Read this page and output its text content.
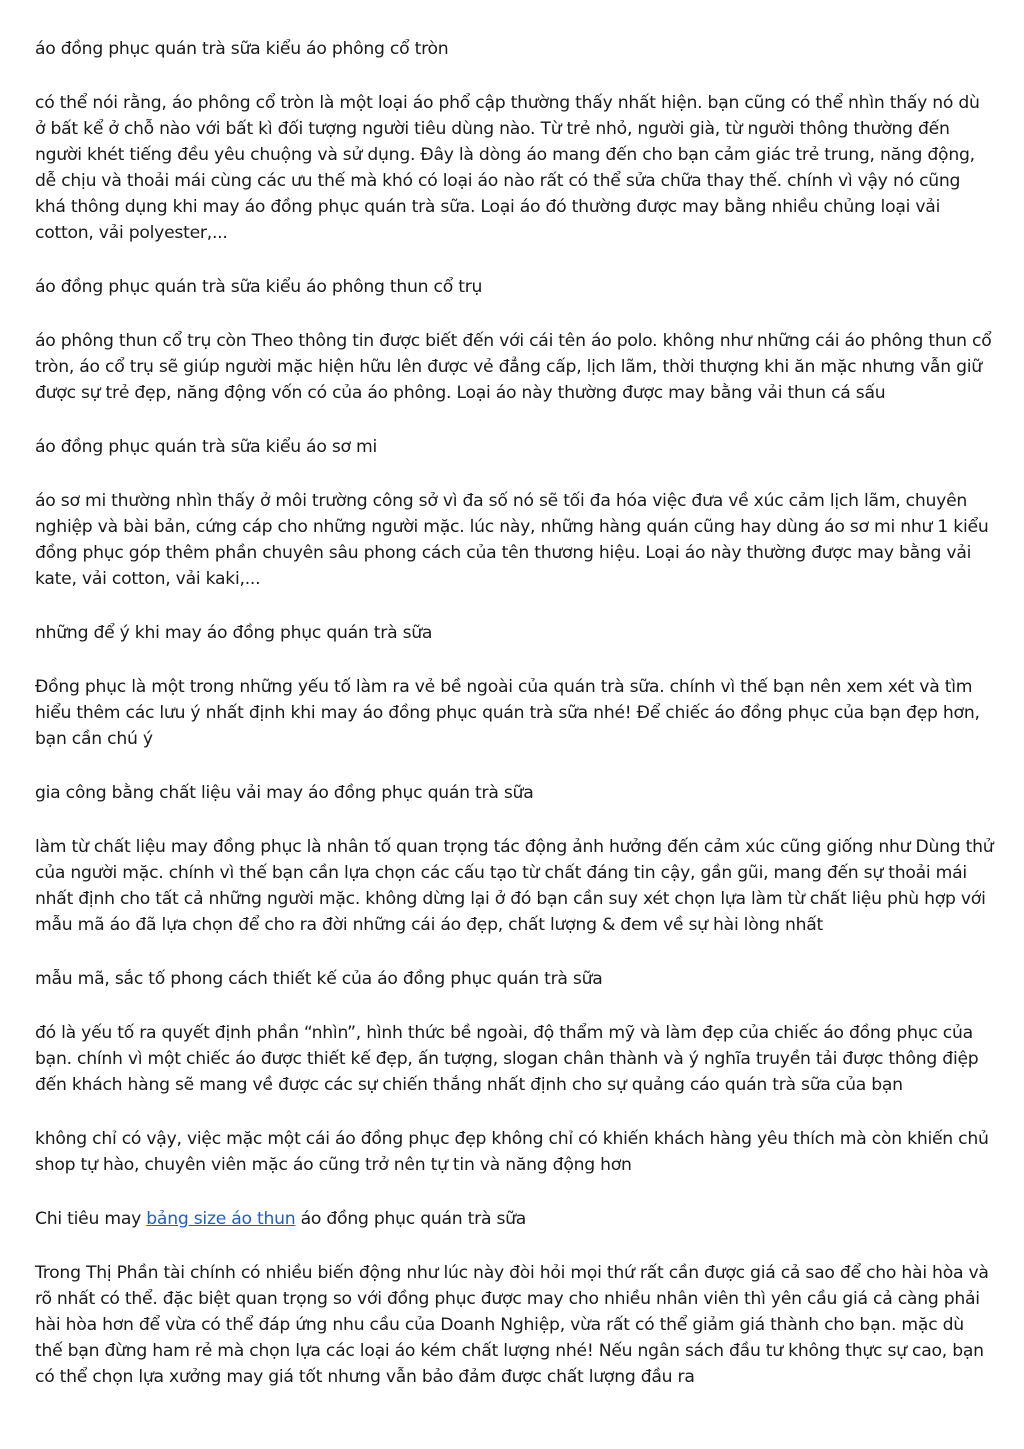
áo đồng phục quán trà sữa kiểu áo phông cổ tròn

có thể nói rằng, áo phông cổ tròn là một loại áo phổ cập thường thấy nhất hiện. bạn cũng có thể nhìn thấy nó dù ở bất kể ở chỗ nào với bất kì đối tượng người tiêu dùng nào. Từ trẻ nhỏ, người già, từ người thông thường đến người khét tiếng đều yêu chuộng và sử dụng. Đây là dòng áo mang đến cho bạn cảm giác trẻ trung, năng động, dễ chịu và thoải mái cùng các ưu thế mà khó có loại áo nào rất có thể sửa chữa thay thế. chính vì vậy nó cũng khá thông dụng khi may áo đồng phục quán trà sữa. Loại áo đó thường được may bằng nhiều chủng loại vải cotton, vải polyester,...

áo đồng phục quán trà sữa kiểu áo phông thun cổ trụ

áo phông thun cổ trụ còn Theo thông tin được biết đến với cái tên áo polo. không như những cái áo phông thun cổ tròn, áo cổ trụ sẽ giúp người mặc hiện hữu lên được vẻ đẳng cấp, lịch lãm, thời thượng khi ăn mặc nhưng vẫn giữ được sự trẻ đẹp, năng động vốn có của áo phông. Loại áo này thường được may bằng vải thun cá sấu

áo đồng phục quán trà sữa kiểu áo sơ mi

áo sơ mi thường nhìn thấy ở môi trường công sở vì đa số nó sẽ tối đa hóa việc đưa về xúc cảm lịch lãm, chuyên nghiệp và bài bản, cứng cáp cho những người mặc. lúc này, những hàng quán cũng hay dùng áo sơ mi như 1 kiểu đồng phục góp thêm phần chuyên sâu phong cách của tên thương hiệu. Loại áo này thường được may bằng vải kate, vải cotton, vải kaki,...

những để ý khi may áo đồng phục quán trà sữa

Đồng phục là một trong những yếu tố làm ra vẻ bề ngoài của quán trà sữa. chính vì thế bạn nên xem xét và tìm hiểu thêm các lưu ý nhất định khi may áo đồng phục quán trà sữa nhé! Để chiếc áo đồng phục của bạn đẹp hơn, bạn cần chú ý

gia công bằng chất liệu vải may áo đồng phục quán trà sữa

làm từ chất liệu may đồng phục là nhân tố quan trọng tác động ảnh hưởng đến cảm xúc cũng giống như Dùng thử của người mặc. chính vì thế bạn cần lựa chọn các cấu tạo từ chất đáng tin cậy, gần gũi, mang đến sự thoải mái nhất định cho tất cả những người mặc. không dừng lại ở đó bạn cần suy xét chọn lựa làm từ chất liệu phù hợp với mẫu mã áo đã lựa chọn để cho ra đời những cái áo đẹp, chất lượng & đem về sự hài lòng nhất

mẫu mã, sắc tố phong cách thiết kế của áo đồng phục quán trà sữa

đó là yếu tố ra quyết định phần “nhìn”, hình thức bề ngoài, độ thẩm mỹ và làm đẹp của chiếc áo đồng phục của bạn. chính vì một chiếc áo được thiết kế đẹp, ấn tượng, slogan chân thành và ý nghĩa truyền tải được thông điệp đến khách hàng sẽ mang về được các sự chiến thắng nhất định cho sự quảng cáo quán trà sữa của bạn

không chỉ có vậy, việc mặc một cái áo đồng phục đẹp không chỉ có khiến khách hàng yêu thích mà còn khiến chủ shop tự hào, chuyên viên mặc áo cũng trở nên tự tin và năng động hơn

Chi tiêu may bảng size áo thun áo đồng phục quán trà sữa

Trong Thị Phần tài chính có nhiều biến động như lúc này đòi hỏi mọi thứ rất cần được giá cả sao để cho hài hòa và rõ nhất có thể. đặc biệt quan trọng so với đồng phục được may cho nhiều nhân viên thì yên cầu giá cả càng phải hài hòa hơn để vừa có thể đáp ứng nhu cầu của Doanh Nghiệp, vừa rất có thể giảm giá thành cho bạn. mặc dù thế bạn đừng ham rẻ mà chọn lựa các loại áo kém chất lượng nhé! Nếu ngân sách đầu tư không thực sự cao, bạn có thể chọn lựa xưởng may giá tốt nhưng vẫn bảo đảm được chất lượng đầu ra
